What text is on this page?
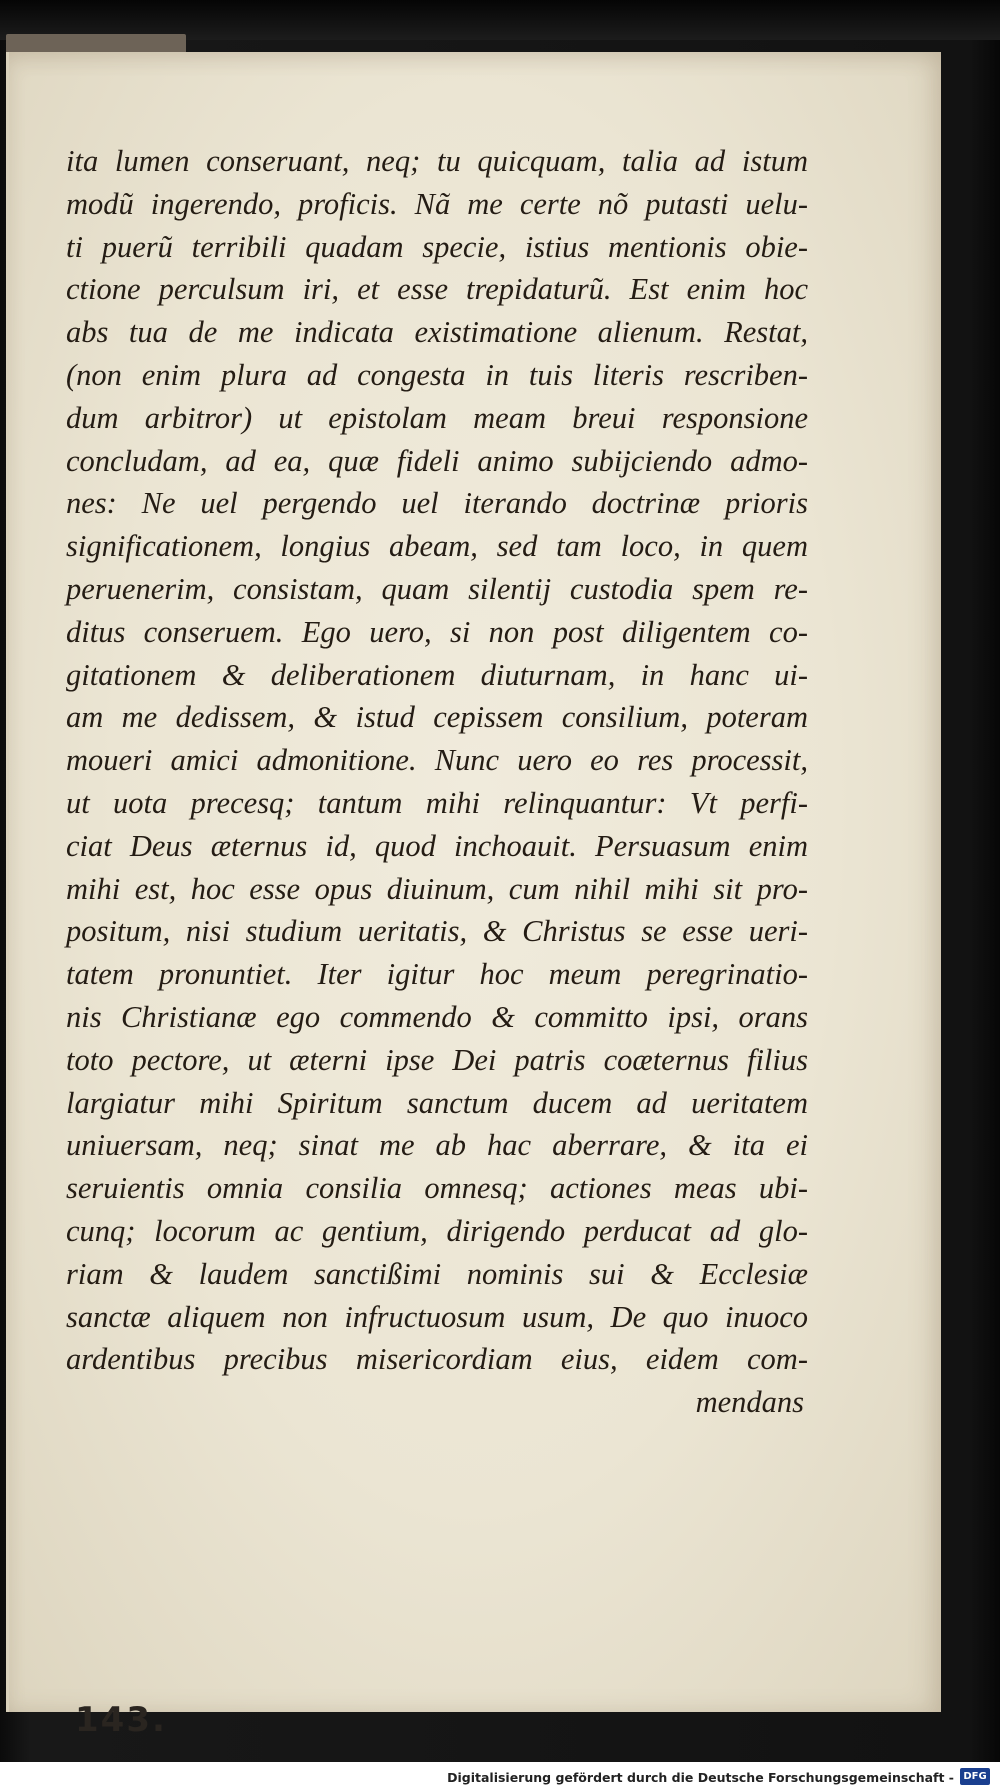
ita lumen conseruant, neq; tu quicquam, talia ad istum
modũ ingerendo, proficis. Nã me certe nõ putasti uelu-
ti puerũ terribili quadam specie, istius mentionis obie-
ctione perculsum iri, et esse trepidaturũ. Est enim hoc
abs tua de me indicata existimatione alienum. Restat,
(non enim plura ad congesta in tuis literis rescriben-
dum arbitror) ut epistolam meam breui responsione
concludam, ad ea, quæ fideli animo subijciendo admo-
nes: Ne uel pergendo uel iterando doctrinæ prioris
significationem, longius abeam, sed tam loco, in quem
peruenerim, consistam, quam silentij custodia spem re-
ditus conseruem. Ego uero, si non post diligentem co-
gitationem & deliberationem diuturnam, in hanc ui-
am me dedissem, & istud cepissem consilium, poteram
moueri amici admonitione. Nunc uero eo res processit,
ut uota precesq; tantum mihi relinquantur: Vt perfi-
ciat Deus æternus id, quod inchoauit. Persuasum enim
mihi est, hoc esse opus diuinum, cum nihil mihi sit pro-
positum, nisi studium ueritatis, & Christus se esse ueri-
tatem pronuntiet. Iter igitur hoc meum peregrinatio-
nis Christianæ ego commendo & committo ipsi, orans
toto pectore, ut æterni ipse Dei patris coæternus filius
largiatur mihi Spiritum sanctum ducem ad ueritatem
uniuersam, neq; sinat me ab hac aberrare, & ita ei
seruientis omnia consilia omnesq; actiones meas ubi-
cunq; locorum ac gentium, dirigendo perducat ad glo-
riam & laudem sanctißimi nominis sui & Ecclesiæ
sanctæ aliquem non infructuosum usum, De quo inuoco
ardentibus precibus misericordiam eius, eidem com-
mendans
143.
Digitalisierung gefördert durch die Deutsche Forschungsgemeinschaft - DFG
